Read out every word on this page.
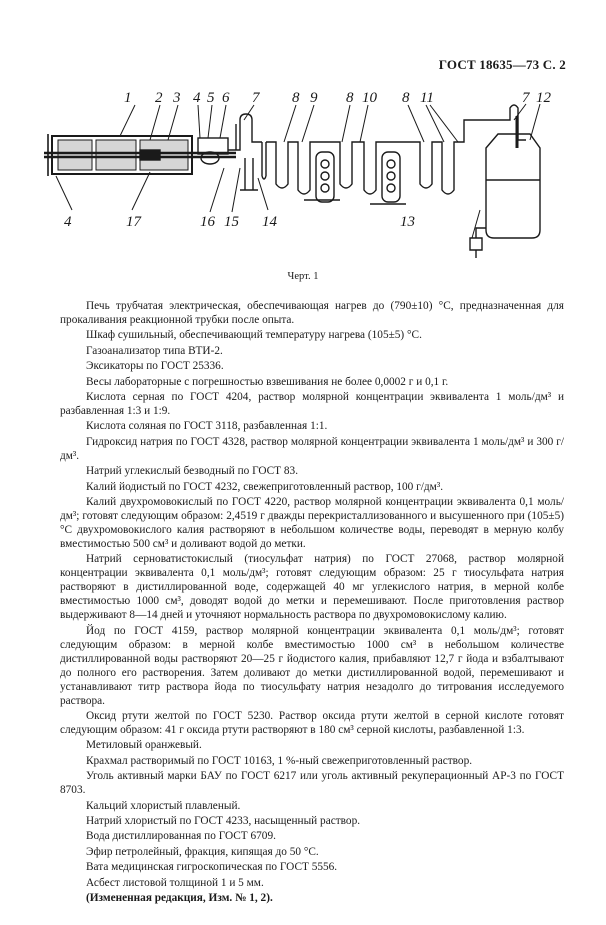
ГОСТ 18635—73 С. 2
1 2 3 4 5 6 7 8 9 8 10 8 11	7 12
4	17	16 15 14	13
Черт. 1

Печь трубчатая электрическая, обеспечивающая нагрев до (790±10) °С, предназначенная для прокаливания реакционной трубки после опыта.

Шкаф сушильный, обеспечивающий температуру нагрева (105±5) °С.

Газоанализатор типа ВТИ-2.

Эксикаторы по ГОСТ 25336.

Весы лабораторные с погрешностью взвешивания не более 0,0002 г и 0,1 г.

Кислота серная по ГОСТ 4204, раствор молярной концентрации эквивалента 1 моль/дм³ и разбавленная 1:3 и 1:9.

Кислота соляная по ГОСТ 3118, разбавленная 1:1.

Гидроксид натрия по ГОСТ 4328, раствор молярной концентрации эквивалента 1 моль/дм³ и 300 г/дм³.

Натрий углекислый безводный по ГОСТ 83.

Калий йодистый по ГОСТ 4232, свежеприготовленный раствор, 100 г/дм³.

Калий двухромовокислый по ГОСТ 4220, раствор молярной концентрации эквивалента 0,1 моль/дм³; готовят следующим образом: 2,4519 г дважды перекристаллизованного и высушенного при (105±5) °С двухромовокислого калия растворяют в небольшом количестве воды, переводят в мерную колбу вместимостью 500 см³ и доливают водой до метки.

Натрий серноватистокислый (тиосульфат натрия) по ГОСТ 27068, раствор молярной концентрации эквивалента 0,1 моль/дм³; готовят следующим образом: 25 г тиосульфата натрия растворяют в дистиллированной воде, содержащей 40 мг углекислого натрия, в мерной колбе вместимостью 1000 см³, доводят водой до метки и перемешивают. После приготовления раствор выдерживают 8—14 дней и уточняют нормальность раствора по двухромовокислому калию.

Йод по ГОСТ 4159, раствор молярной концентрации эквивалента 0,1 моль/дм³; готовят следующим образом: в мерной колбе вместимостью 1000 см³ в небольшом количестве дистиллированной воды растворяют 20—25 г йодистого калия, прибавляют 12,7 г йода и взбалтывают до полного его растворения. Затем доливают до метки дистиллированной водой, перемешивают и устанавливают титр раствора йода по тиосульфату натрия незадолго до титрования исследуемого раствора.

Оксид ртути желтой по ГОСТ 5230. Раствор оксида ртути желтой в серной кислоте готовят следующим образом: 41 г оксида ртути растворяют в 180 см³ серной кислоты, разбавленной 1:3.

Метиловый оранжевый.

Крахмал растворимый по ГОСТ 10163, 1 %-ный свежеприготовленный раствор.

Уголь активный марки БАУ по ГОСТ 6217 или уголь активный рекуперационный АР-3 по ГОСТ 8703.

Кальций хлористый плавленый.

Натрий хлористый по ГОСТ 4233, насыщенный раствор.

Вода дистиллированная по ГОСТ 6709.

Эфир петролейный, фракция, кипящая до 50 °С.

Вата медицинская гигроскопическая по ГОСТ 5556.

Асбест листовой толщиной 1 и 5 мм.

(Измененная редакция, Изм. № 1, 2).
